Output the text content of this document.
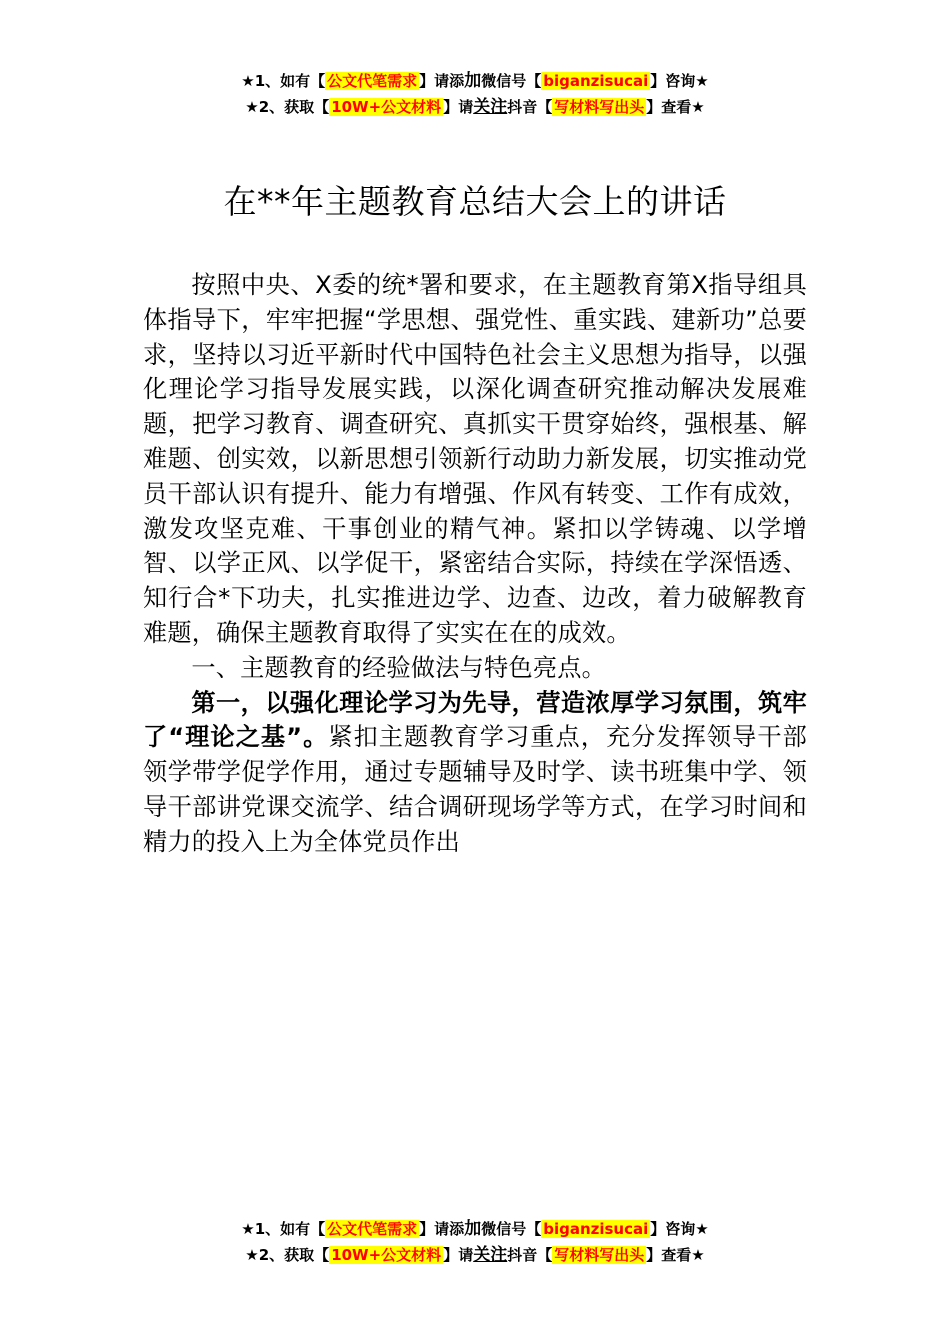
★1、如有【 公文代笔需求 】请添加微信号【 biganzisucai 】咨询★
★2、获取【 10W+公文材料 】请关注抖音【 写材料写出头 】查看★
在**年主题教育总结大会上的讲话

按照中央、X委的统*署和要求，在主题教育第X指导组具体指导下，牢牢把握“学思想、强党性、重实践、建新功”总要求，坚持以习近平新时代中国特色社会主义思想为指导，以强化理论学习指导发展实践，以深化调查研究推动解决发展难题，把学习教育、调查研究、真抓实干贯穿始终，强根基、解难题、创实效，以新思想引领新行动助力新发展，切实推动党员干部认识有提升、能力有增强、作风有转变、工作有成效，激发攻坚克难、干事创业的精气神。紧扣以学铸魂、以学增智、以学正风、以学促干，紧密结合实际，持续在学深悟透、知行合*下功夫，扎实推进边学、边查、边改，着力破解教育难题，确保主题教育取得了实实在在的成效。

一、主题教育的经验做法与特色亮点。

第一，以强化理论学习为先导，营造浓厚学习氛围，筑牢了“理论之基”。紧扣主题教育学习重点，充分发挥领导干部领学带学促学作用，通过专题辅导及时学、读书班集中学、领导干部讲党课交流学、结合调研现场学等方式，在学习时间和精力的投入上为全体党员作出

★1、如有【 公文代笔需求 】请添加微信号【 biganzisucai 】咨询★
★2、获取【 10W+公文材料 】请关注抖音【 写材料写出头 】查看★
